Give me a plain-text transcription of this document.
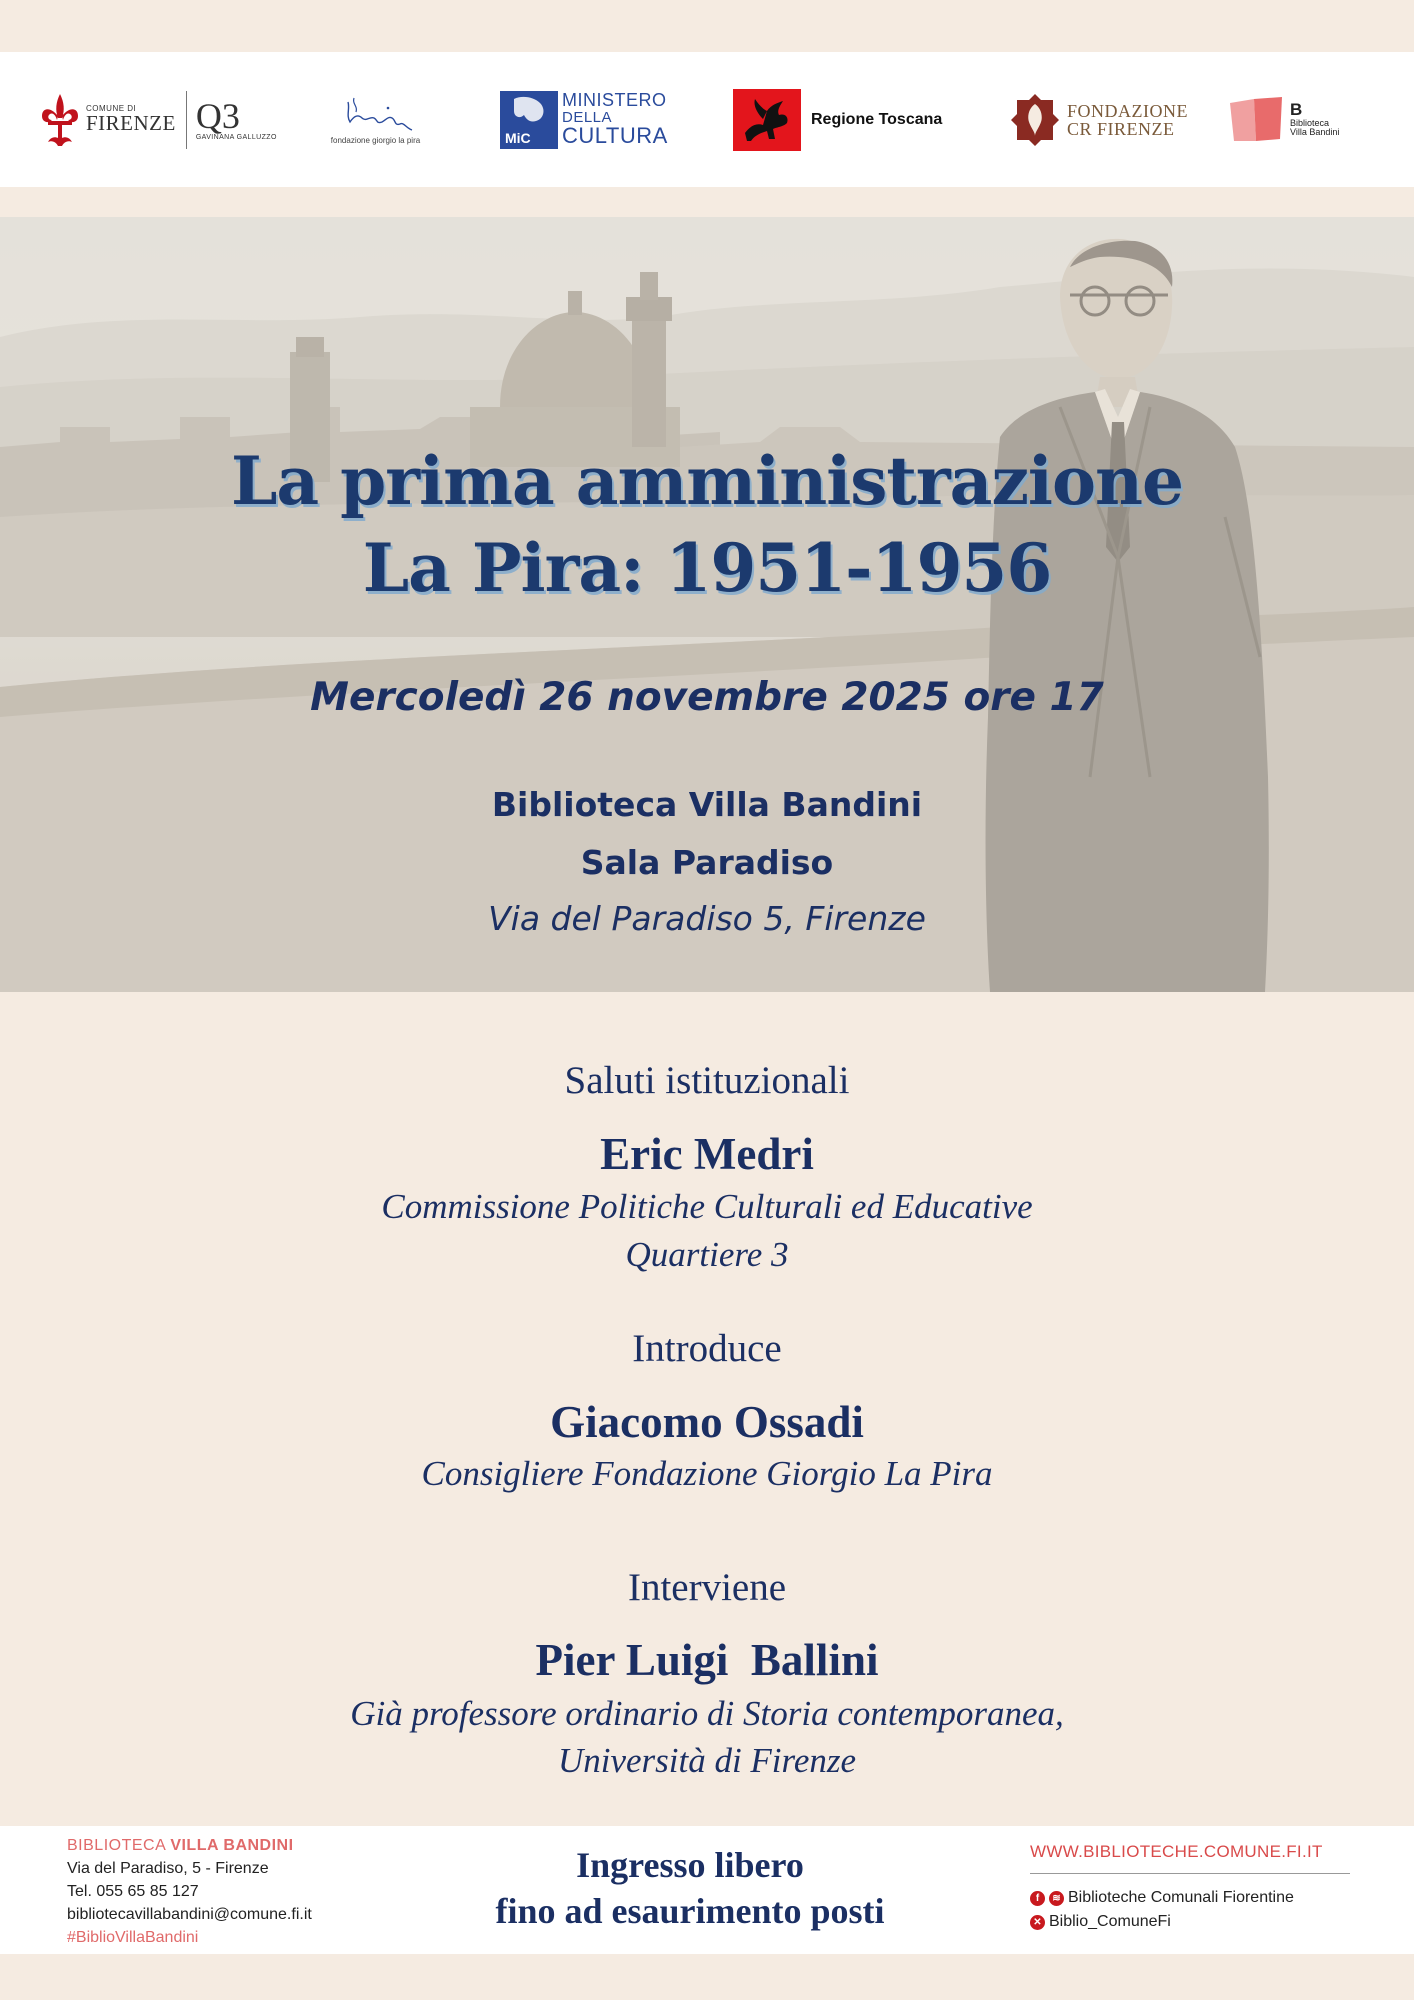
COMUNE DI
FIRENZE Q3
GAVINANA GALLUZZO	fondazione giorgio la pira	MiC
MINISTERO
DELLA
CULTURA
Regione Toscana	FONDAZIONE
CR FIRENZE
B
Biblioteca
Villa Bandini
La prima amministrazione
La Pira: 1951-1956
Mercoledì 26 novembre 2025 ore 17
Biblioteca Villa Bandini
Sala Paradiso
Via del Paradiso 5, Firenze
Saluti istituzionali
Eric Medri
Commissione Politiche Culturali ed Educative
Quartiere 3
Introduce
Giacomo Ossadi
Consigliere Fondazione Giorgio La Pira
Interviene
Pier Luigi  Ballini
Già professore ordinario di Storia contemporanea,
Università di Firenze
BIBLIOTECA VILLA BANDINI
Via del Paradiso, 5 - Firenze
Tel. 055 65 85 127
bibliotecavillabandini@comune.fi.it
#BiblioVillaBandini
Ingresso libero
fino ad esaurimento posti
WWW.BIBLIOTECHE.COMUNE.FI.IT
f	≋ Biblioteche Comunali Fiorentine
✕ Biblio_ComuneFi
